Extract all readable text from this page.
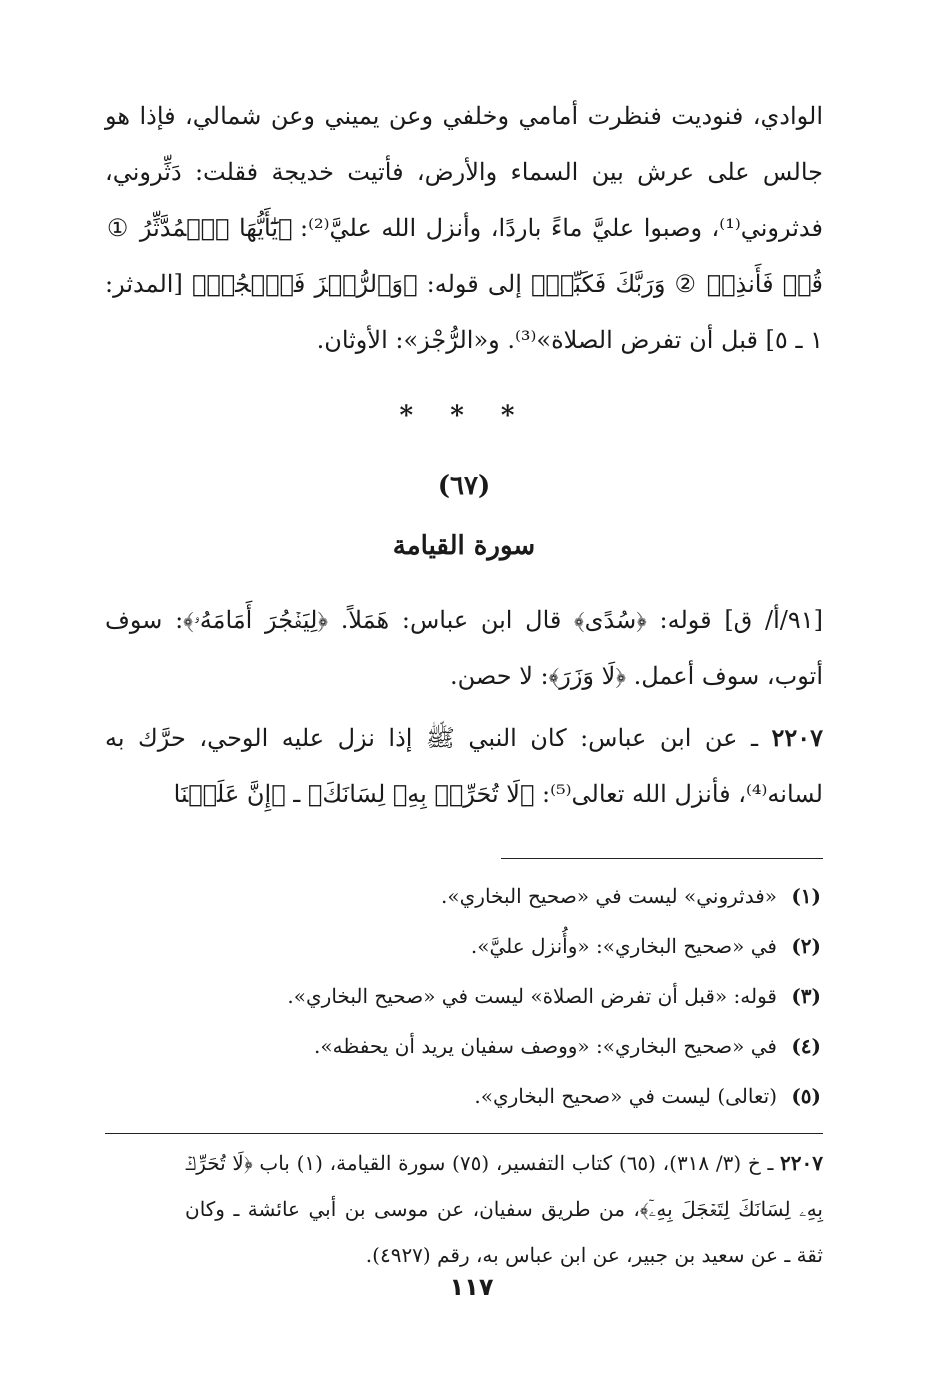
الوادي، فنوديت فنظرت أمامي وخلفي وعن يميني وعن شمالي، فإذا هو جالس على عرش بين السماء والأرض، فأتيت خديجة فقلت: دَثِّروني، فدثروني⁽¹⁾، وصبوا عليَّ ماءً باردًا، وأنزل الله عليَّ⁽²⁾: ﴿يَٰٓأَيُّهَا ٱلۡمُدَّثِّرُ ① قُمۡ فَأَنذِرۡ ② وَرَبَّكَ فَكَبِّرۡ﴾ إلى قوله: ﴿وَٱلرُّجۡزَ فَٱهۡجُرۡ﴾ [المدثر: ١ ـ ٥] قبل أن تفرض الصلاة»⁽³⁾. و«الرُّجْز»: الأوثان.

* * *
(٦٧)
سورة القيامة

[٩١/أ/ ق] قوله: ﴿سُدًى﴾ قال ابن عباس: هَمَلاً. ﴿لِيَفۡجُرَ أَمَامَهُۥ﴾: سوف أتوب، سوف أعمل. ﴿لَا وَزَرَ﴾: لا حصن.

٢٢٠٧ ـ عن ابن عباس: كان النبي ﷺ إذا نزل عليه الوحي، حرَّك به لسانه⁽⁴⁾، فأنزل الله تعالى⁽⁵⁾: ﴿لَا تُحَرِّكۡ بِهِۦ لِسَانَكَ﴾ ـ ﴿إِنَّ عَلَيۡنَا

(١)«فدثروني» ليست في «صحيح البخاري».
(٢)في «صحيح البخاري»: «وأُنزل عليَّ».
(٣)قوله: «قبل أن تفرض الصلاة» ليست في «صحيح البخاري».
(٤)في «صحيح البخاري»: «ووصف سفيان يريد أن يحفظه».
(٥)(تعالى) ليست في «صحيح البخاري».

٢٢٠٧ ـ خ (٣/ ٣١٨)، (٦٥) كتاب التفسير، (٧٥) سورة القيامة، (١) باب ﴿لَا تُحَرِّكۡ بِهِۦ لِسَانَكَ لِتَعۡجَلَ بِهِۦٓ﴾، من طريق سفيان، عن موسى بن أبي عائشة ـ وكان ثقة ـ عن سعيد بن جبير، عن ابن عباس به، رقم (٤٩٢٧).

١١٧
